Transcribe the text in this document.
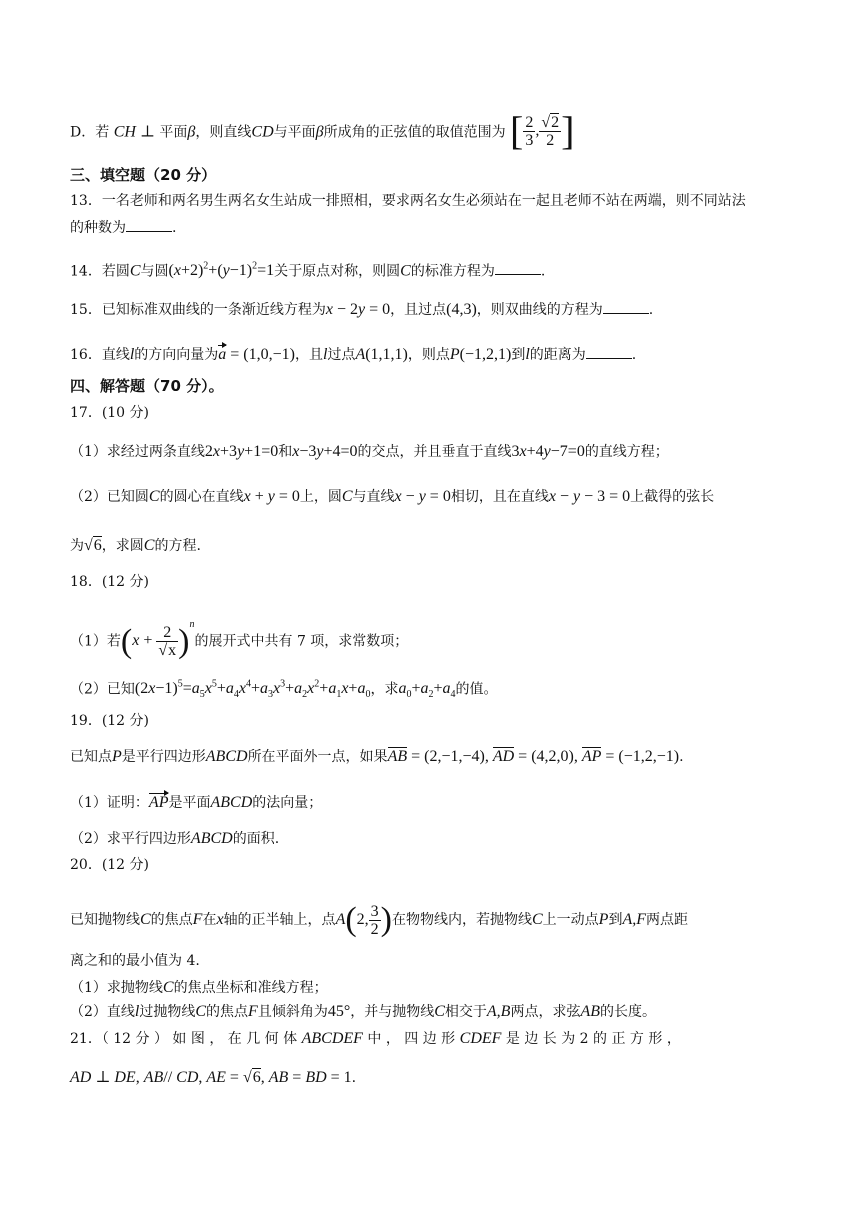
D．若 CH ⊥ 平面β，则直线CD与平面β所成角的正弦值的取值范围为 [ $\frac{2}{3}$ , $\frac{√2}{2}$ ]
三、填空题（20 分）
13．一名老师和两名男生两名女生站成一排照相，要求两名女生必须站在一起且老师不站在两端，则不同站法
的种数为	.
14．若圆C与圆$(x+2)^2+(y-1)^2=1$关于原点对称，则圆C的标准方程为	.
15．已知标准双曲线的一条渐近线方程为x − 2y = 0，且过点(4,3)，则双曲线的方程为	.
16．直线l的方向向量为a = (1,0,−1)，且l过点A(1,1,1)，则点P(−1,2,1)到l的距离为	.
四、解答题（70 分）。
17．(10 分)
（1）求经过两条直线2x+3y+1=0和x−3y+4=0的交点，并且垂直于直线3x+4y−7=0的直线方程；
（2）已知圆C的圆心在直线x + y = 0上，圆C与直线x − y = 0相切，且在直线x − y − 3 = 0上截得的弦长
为√6，求圆C的方程.
18．(12 分)
（1）若$(x + \frac{2}{√x} )^n$的展开式中共有 7 项，求常数项；
（2）已知$(2x-1)^5=a_5x^5+a_4x^4+a_3x^3+a_2x^2+a_1x+a_0$，求$a_0+a_2+a_4$的值。
19．(12 分)
已知点P是平行四边形ABCD所在平面外一点，如果AB = (2,−1,−4), AD = (4,2,0), AP = (−1,2,−1).
（1）证明：AP是平面ABCD的法向量；
（2）求平行四边形ABCD的面积.
20．(12 分)
已知抛物线C的焦点F在x轴的正半轴上，点A(2, $\frac{3}{2}$ )在物物线内，若抛物线C上一动点P到A,F两点距
离之和的最小值为 4.
（1）求抛物线C的焦点坐标和准线方程；
（2）直线l过抛物线C的焦点F且倾斜角为45°，并与抛物线C相交于A,B两点，求弦AB的长度。
21．（ 12 分 ） 如 图 ， 在 几 何 体 ABCDEF 中 ， 四 边 形 CDEF 是 边 长 为 2 的 正 方 形 ，
AD ⊥ DE, AB// CD, AE = √6, AB = BD = 1.
